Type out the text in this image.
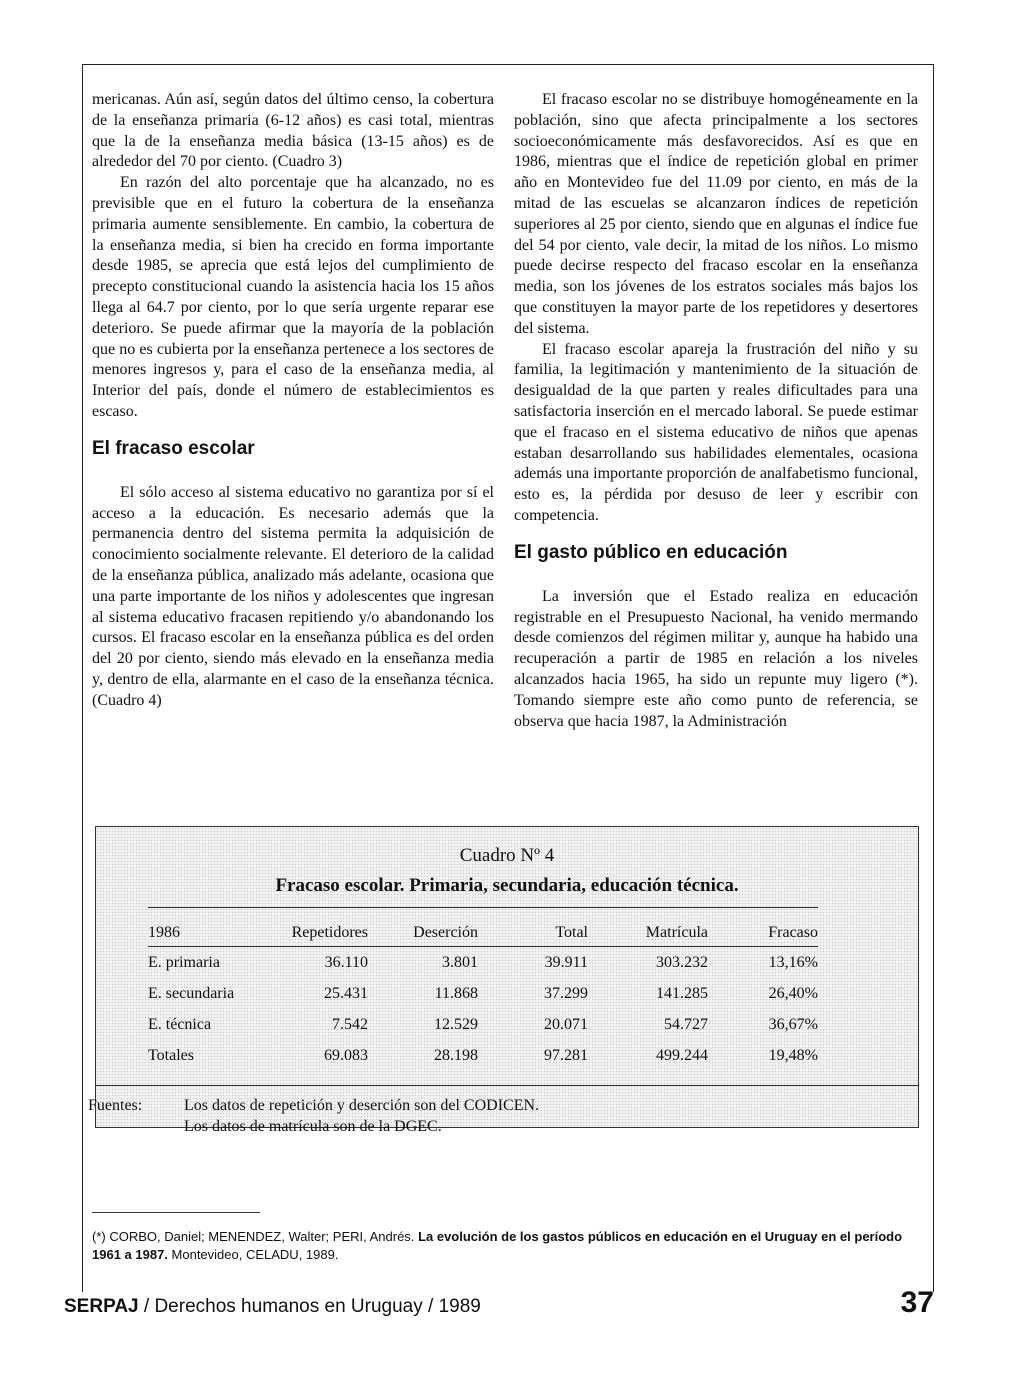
mericanas. Aún así, según datos del último censo, la cobertura de la enseñanza primaria (6-12 años) es casi total, mientras que la de la enseñanza media básica (13-15 años) es de alrededor del 70 por ciento. (Cuadro 3)

En razón del alto porcentaje que ha alcanzado, no es previsible que en el futuro la cobertura de la enseñanza primaria aumente sensiblemente. En cambio, la cobertura de la enseñanza media, si bien ha crecido en forma importante desde 1985, se aprecia que está lejos del cumplimiento de precepto constitucional cuando la asistencia hacia los 15 años llega al 64.7 por ciento, por lo que sería urgente reparar ese deterioro. Se puede afirmar que la mayoría de la población que no es cubierta por la enseñanza pertenece a los sectores de menores ingresos y, para el caso de la enseñanza media, al Interior del país, donde el número de establecimientos es escaso.

El fracaso escolar

El sólo acceso al sistema educativo no garantiza por sí el acceso a la educación. Es necesario además que la permanencia dentro del sistema permita la adquisición de conocimiento socialmente relevante. El deterioro de la calidad de la enseñanza pública, analizado más adelante, ocasiona que una parte importante de los niños y adolescentes que ingresan al sistema educativo fracasen repitiendo y/o abandonando los cursos. El fracaso escolar en la enseñanza pública es del orden del 20 por ciento, siendo más elevado en la enseñanza media y, dentro de ella, alarmante en el caso de la enseñanza técnica. (Cuadro 4)

El fracaso escolar no se distribuye homogéneamente en la población, sino que afecta principalmente a los sectores socioeconómicamente más desfavorecidos. Así es que en 1986, mientras que el índice de repetición global en primer año en Montevideo fue del 11.09 por ciento, en más de la mitad de las escuelas se alcanzaron índices de repetición superiores al 25 por ciento, siendo que en algunas el índice fue del 54 por ciento, vale decir, la mitad de los niños. Lo mismo puede decirse respecto del fracaso escolar en la enseñanza media, son los jóvenes de los estratos sociales más bajos los que constituyen la mayor parte de los repetidores y desertores del sistema.

El fracaso escolar apareja la frustración del niño y su familia, la legitimación y mantenimiento de la situación de desigualdad de la que parten y reales dificultades para una satisfactoria inserción en el mercado laboral. Se puede estimar que el fracaso en el sistema educativo de niños que apenas estaban desarrollando sus habilidades elementales, ocasiona además una importante proporción de analfabetismo funcional, esto es, la pérdida por desuso de leer y escribir con competencia.

El gasto público en educación

La inversión que el Estado realiza en educación registrable en el Presupuesto Nacional, ha venido mermando desde comienzos del régimen militar y, aunque ha habido una recuperación a partir de 1985 en relación a los niveles alcanzados hacia 1965, ha sido un repunte muy ligero (*). Tomando siempre este año como punto de referencia, se observa que hacia 1987, la Administración

Cuadro Nº 4
Fracaso escolar. Primaria, secundaria, educación técnica.
1986	Repetidores	Deserción	Total	Matrícula	Fracaso
E. primaria	36.110	3.801	39.911	303.232	13,16%
E. secundaria	25.431	11.868	37.299	141.285	26,40%
E. técnica	7.542	12.529	20.071	54.727	36,67%
Totales	69.083	28.198	97.281	499.244	19,48%
Fuentes:	Los datos de repetición y deserción son del CODICEN.
Los datos de matrícula son de la DGEC.
(*) CORBO, Daniel; MENENDEZ, Walter; PERI, Andrés. La evolución de los gastos públicos en educación en el Uruguay en el período 1961 a 1987. Montevideo, CELADU, 1989.
SERPAJ / Derechos humanos en Uruguay / 1989	37
